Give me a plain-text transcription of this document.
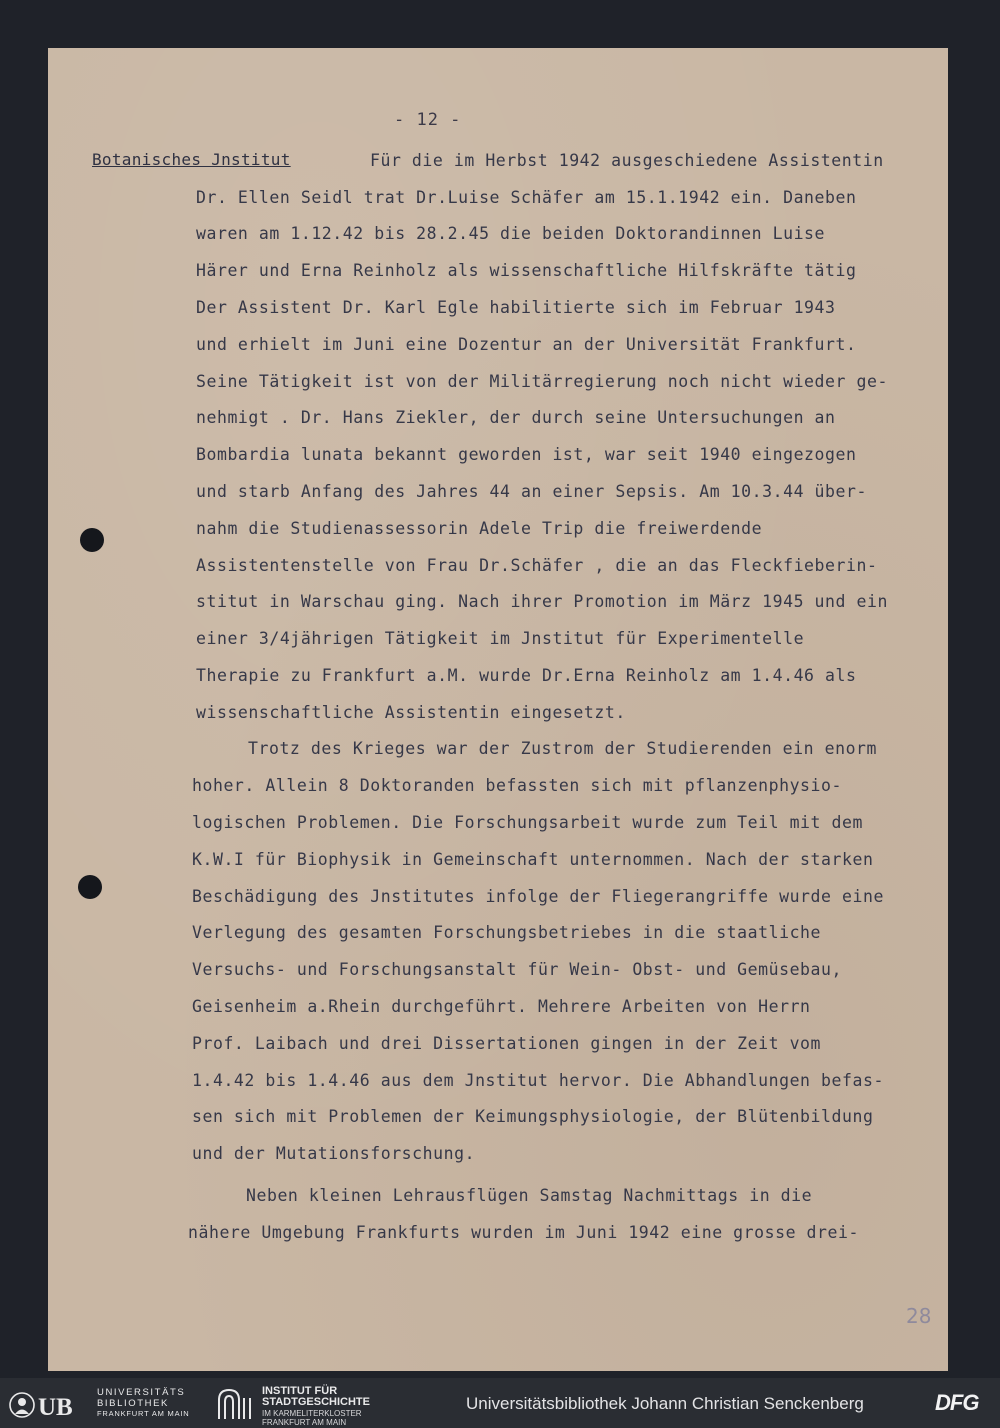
- 12 -
Botanisches Jnstitut	Für die im Herbst 1942 ausgeschiedene Assistentin
Dr. Ellen Seidl trat Dr.Luise Schäfer am 15.1.1942 ein. Daneben
waren am 1.12.42 bis 28.2.45 die beiden Doktorandinnen Luise
Härer und Erna Reinholz als wissenschaftliche Hilfskräfte tätig
Der Assistent Dr. Karl Egle habilitierte sich im Februar 1943
und erhielt im Juni eine Dozentur an der Universität Frankfurt.
Seine Tätigkeit ist von der Militärregierung noch nicht wieder ge-
nehmigt . Dr. Hans Ziekler, der durch seine Untersuchungen an
Bombardia lunata bekannt geworden ist, war seit 1940 eingezogen
und starb Anfang des Jahres 44 an einer Sepsis. Am 10.3.44 über-
nahm die Studienassessorin Adele Trip die freiwerdende
Assistentenstelle von Frau Dr.Schäfer , die an das Fleckfieberin-
stitut in Warschau ging. Nach ihrer Promotion im März 1945 und ein
einer 3/4jährigen Tätigkeit im Jnstitut für Experimentelle
Therapie zu Frankfurt a.M. wurde Dr.Erna Reinholz am 1.4.46 als
wissenschaftliche Assistentin eingesetzt.
Trotz des Krieges war der Zustrom der Studierenden ein enorm
hoher. Allein 8 Doktoranden befassten sich mit pflanzenphysio-
logischen Problemen. Die Forschungsarbeit wurde zum Teil mit dem
K.W.I für Biophysik in Gemeinschaft unternommen. Nach der starken
Beschädigung des Jnstitutes infolge der Fliegerangriffe wurde eine
Verlegung des gesamten Forschungsbetriebes in die staatliche
Versuchs- und Forschungsanstalt für Wein- Obst- und Gemüsebau,
Geisenheim a.Rhein durchgeführt. Mehrere Arbeiten von Herrn
Prof. Laibach und drei Dissertationen gingen in der Zeit vom
1.4.42 bis 1.4.46 aus dem Jnstitut hervor. Die Abhandlungen befas-
sen sich mit Problemen der Keimungsphysiologie, der Blütenbildung
und der Mutationsforschung.
Neben kleinen Lehrausflügen Samstag Nachmittags in die
nähere Umgebung Frankfurts wurden im Juni 1942 eine grosse drei-
28
UB
UNIVERSITÄTS
BIBLIOTHEK
FRANKFURT AM MAIN
INSTITUT FÜR
STADTGESCHICHTE
IM KARMELITERKLOSTER
FRANKFURT AM MAIN
Universitätsbibliothek Johann Christian Senckenberg	DFG
